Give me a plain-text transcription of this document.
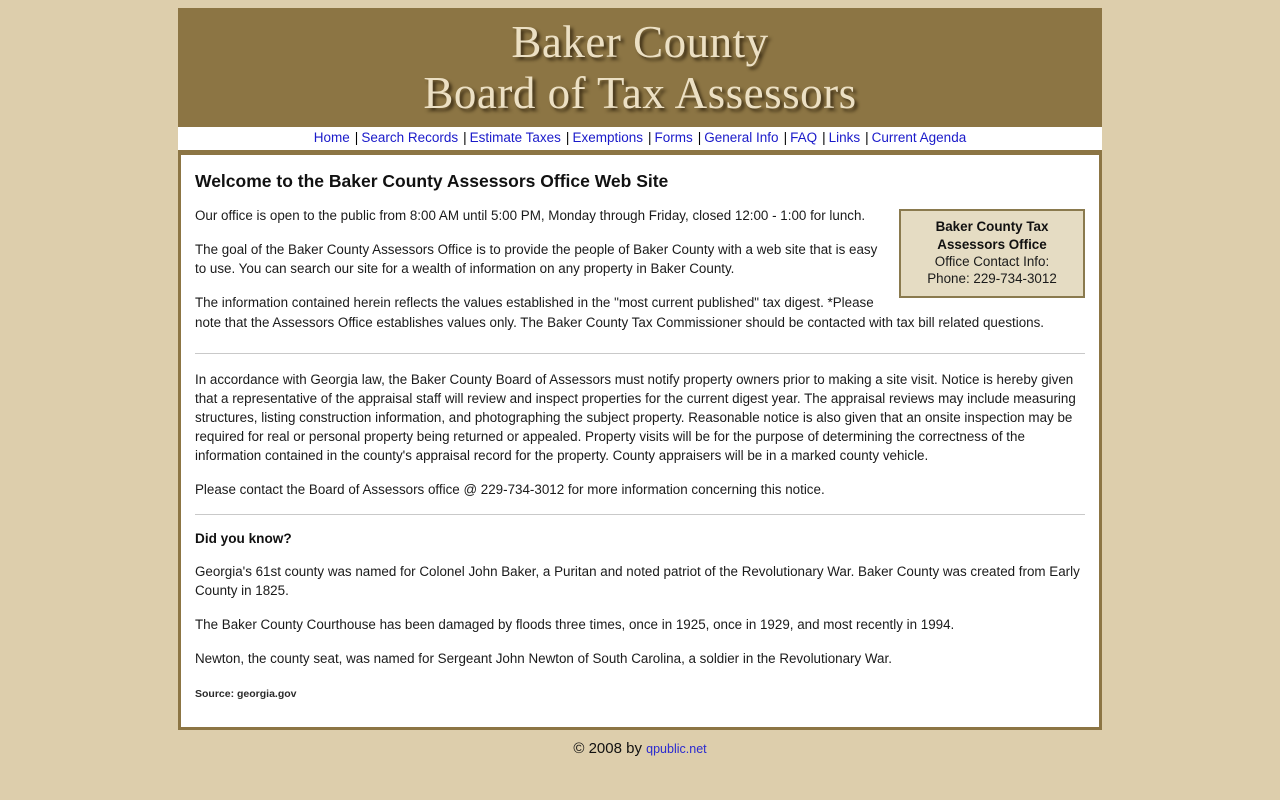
Baker County
Board of Tax Assessors
Home | Search Records | Estimate Taxes | Exemptions | Forms | General Info | FAQ | Links | Current Agenda
Welcome to the Baker County Assessors Office Web Site
Baker County Tax
Assessors Office
Office Contact Info:
Phone: 229-734-3012

Our office is open to the public from 8:00 AM until 5:00 PM, Monday through Friday, closed 12:00 - 1:00 for lunch.

The goal of the Baker County Assessors Office is to provide the people of Baker County with a web site that is easy to use. You can search our site for a wealth of information on any property in Baker County.

The information contained herein reflects the values established in the "most current published" tax digest. *Please note that the Assessors Office establishes values only. The Baker County Tax Commissioner should be contacted with tax bill related questions.

In accordance with Georgia law, the Baker County Board of Assessors must notify property owners prior to making a site visit. Notice is hereby given that a representative of the appraisal staff will review and inspect properties for the current digest year. The appraisal reviews may include measuring structures, listing construction information, and photographing the subject property. Reasonable notice is also given that an onsite inspection may be required for real or personal property being returned or appealed. Property visits will be for the purpose of determining the correctness of the information contained in the county's appraisal record for the property. County appraisers will be in a marked county vehicle.

Please contact the Board of Assessors office @ 229-734-3012 for more information concerning this notice.

Did you know?

Georgia's 61st county was named for Colonel John Baker, a Puritan and noted patriot of the Revolutionary War. Baker County was created from Early County in 1825.

The Baker County Courthouse has been damaged by floods three times, once in 1925, once in 1929, and most recently in 1994.

Newton, the county seat, was named for Sergeant John Newton of South Carolina, a soldier in the Revolutionary War.

Source: georgia.gov

© 2008 by qpublic.net
